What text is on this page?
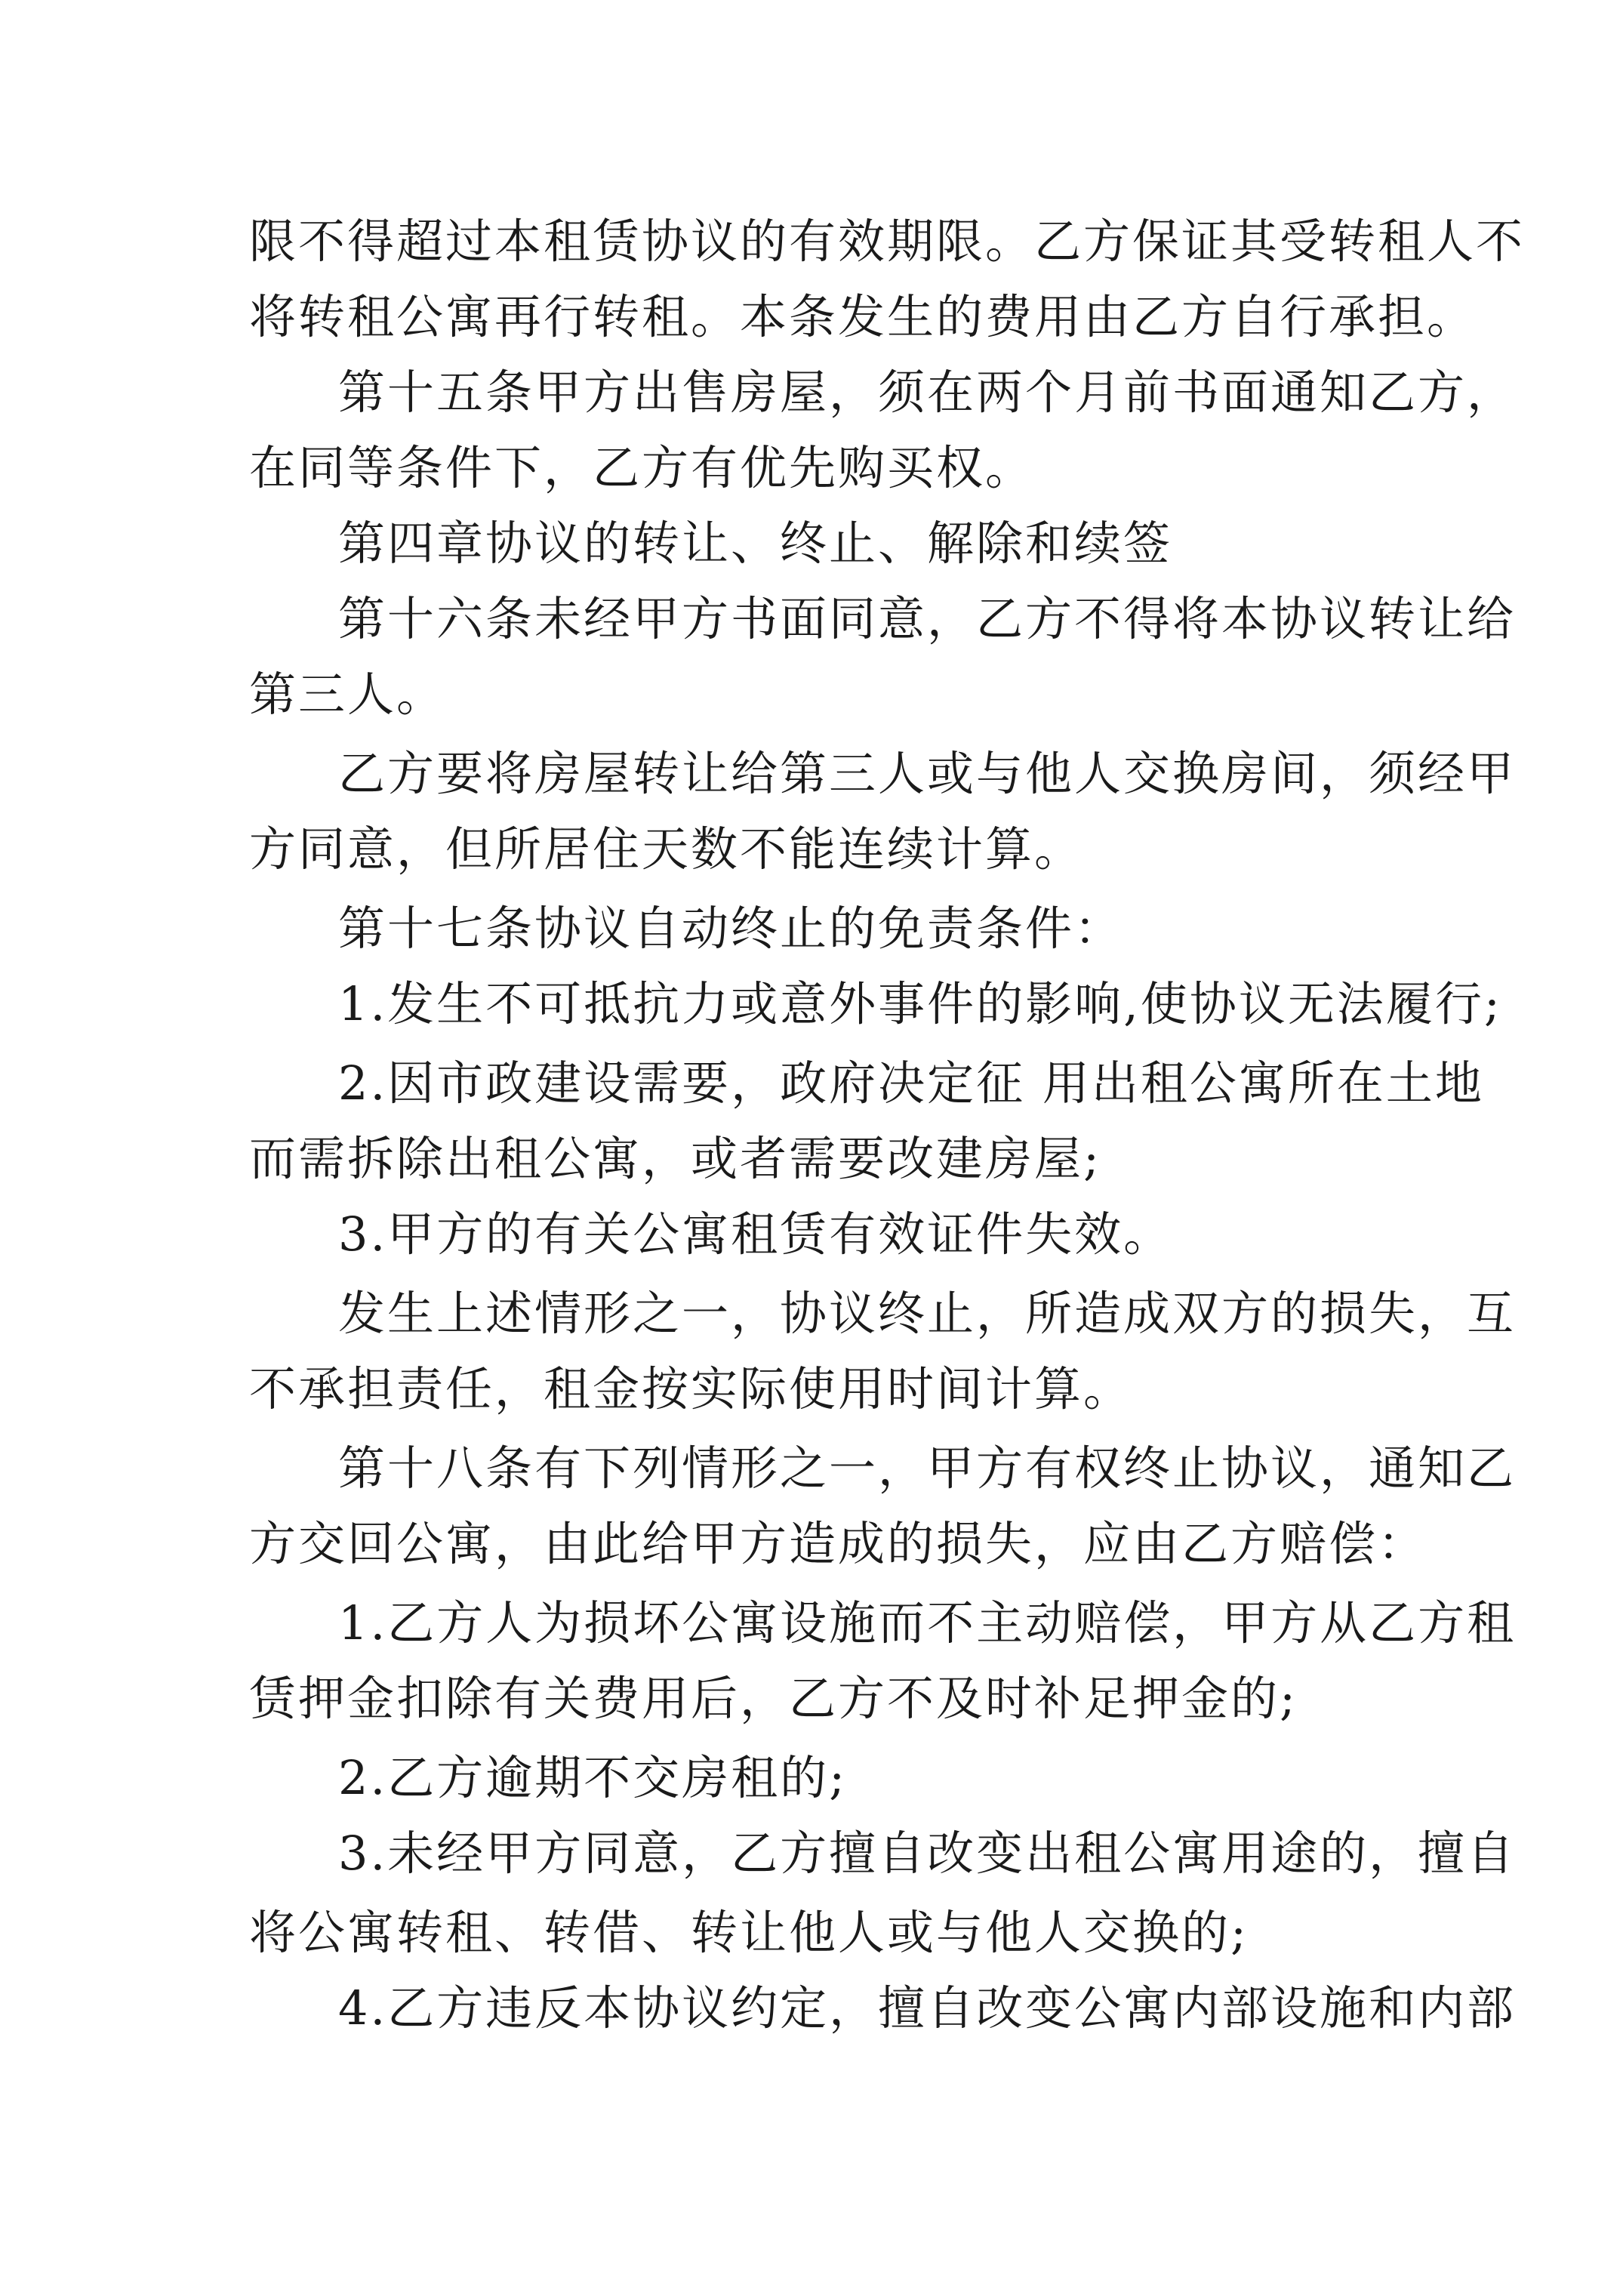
限不得超过本租赁协议的有效期限。乙方保证其受转租人不
将转租公寓再行转租。本条发生的费用由乙方自行承担。
第十五条甲方出售房屋，须在两个月前书面通知乙方，
在同等条件下，乙方有优先购买权。
第四章协议的转让、终止、解除和续签
第十六条未经甲方书面同意，乙方不得将本协议转让给
第三人。
乙方要将房屋转让给第三人或与他人交换房间，须经甲
方同意，但所居住天数不能连续计算。
第十七条协议自动终止的免责条件：
1.发生不可抵抗力或意外事件的影响,使协议无法履行;
2.因市政建设需要，政府决定征 用出租公寓所在土地
而需拆除出租公寓，或者需要改建房屋;
3.甲方的有关公寓租赁有效证件失效。
发生上述情形之一，协议终止，所造成双方的损失，互
不承担责任，租金按实际使用时间计算。
第十八条有下列情形之一，甲方有权终止协议，通知乙
方交回公寓，由此给甲方造成的损失，应由乙方赔偿：
1.乙方人为损坏公寓设施而不主动赔偿，甲方从乙方租
赁押金扣除有关费用后，乙方不及时补足押金的;
2.乙方逾期不交房租的;
3.未经甲方同意，乙方擅自改变出租公寓用途的，擅自
将公寓转租、转借、转让他人或与他人交换的;
4.乙方违反本协议约定，擅自改变公寓内部设施和内部
